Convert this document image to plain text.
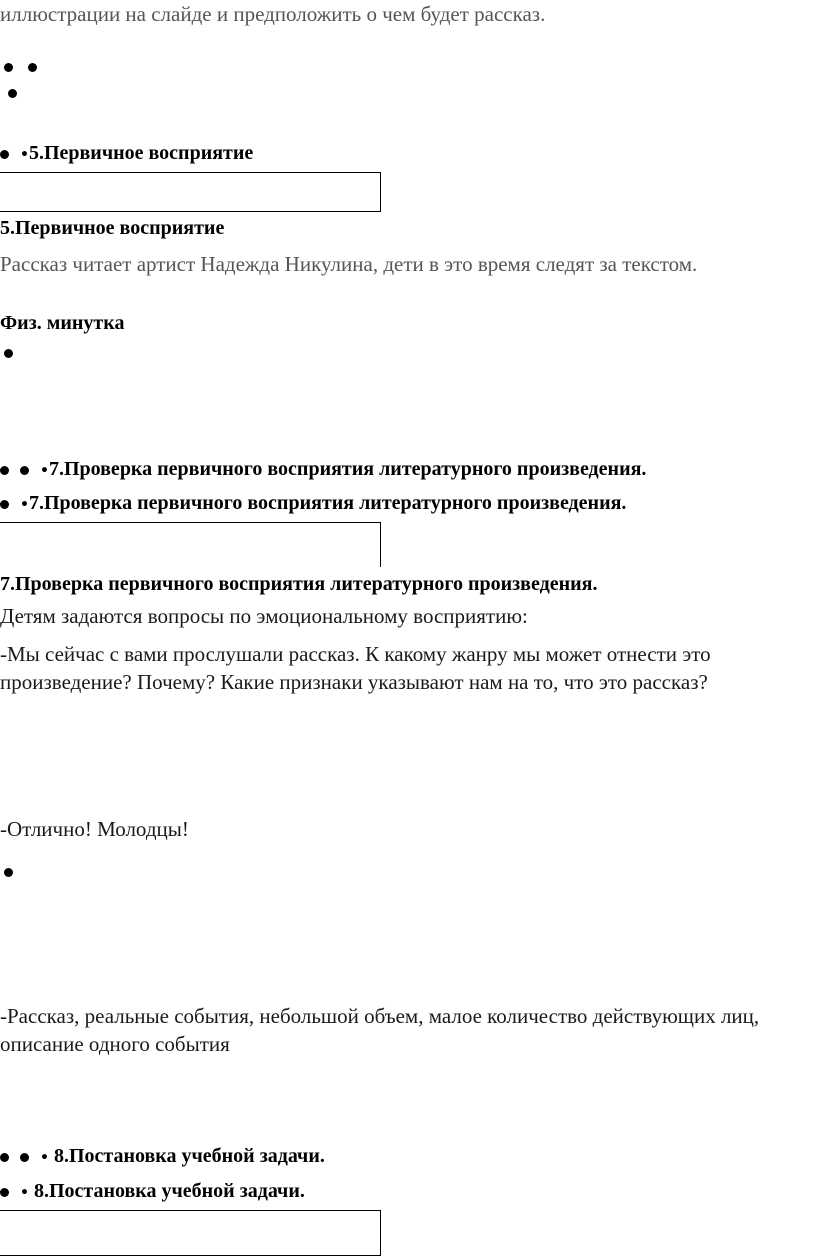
иллюстрации на слайде и предположить о чем будет рассказ.
•5.Первичное восприятие
5.Первичное восприятие
Рассказ читает артист Надежда Никулина, дети в это время следят за текстом.
Физ. минутка
•7.Проверка первичного восприятия литературного произведения.
•7.Проверка первичного восприятия литературного произведения.
7.Проверка первичного восприятия литературного произведения.
Детям задаются вопросы по эмоциональному восприятию:
-Мы сейчас с вами прослушали рассказ. К какому жанру мы может отнести это произведение? Почему? Какие признаки указывают нам на то, что это рассказ?
-Отлично! Молодцы!
-Рассказ, реальные события, небольшой объем, малое количество действующих лиц, описание одного события
• 8.Постановка учебной задачи.
• 8.Постановка учебной задачи.
